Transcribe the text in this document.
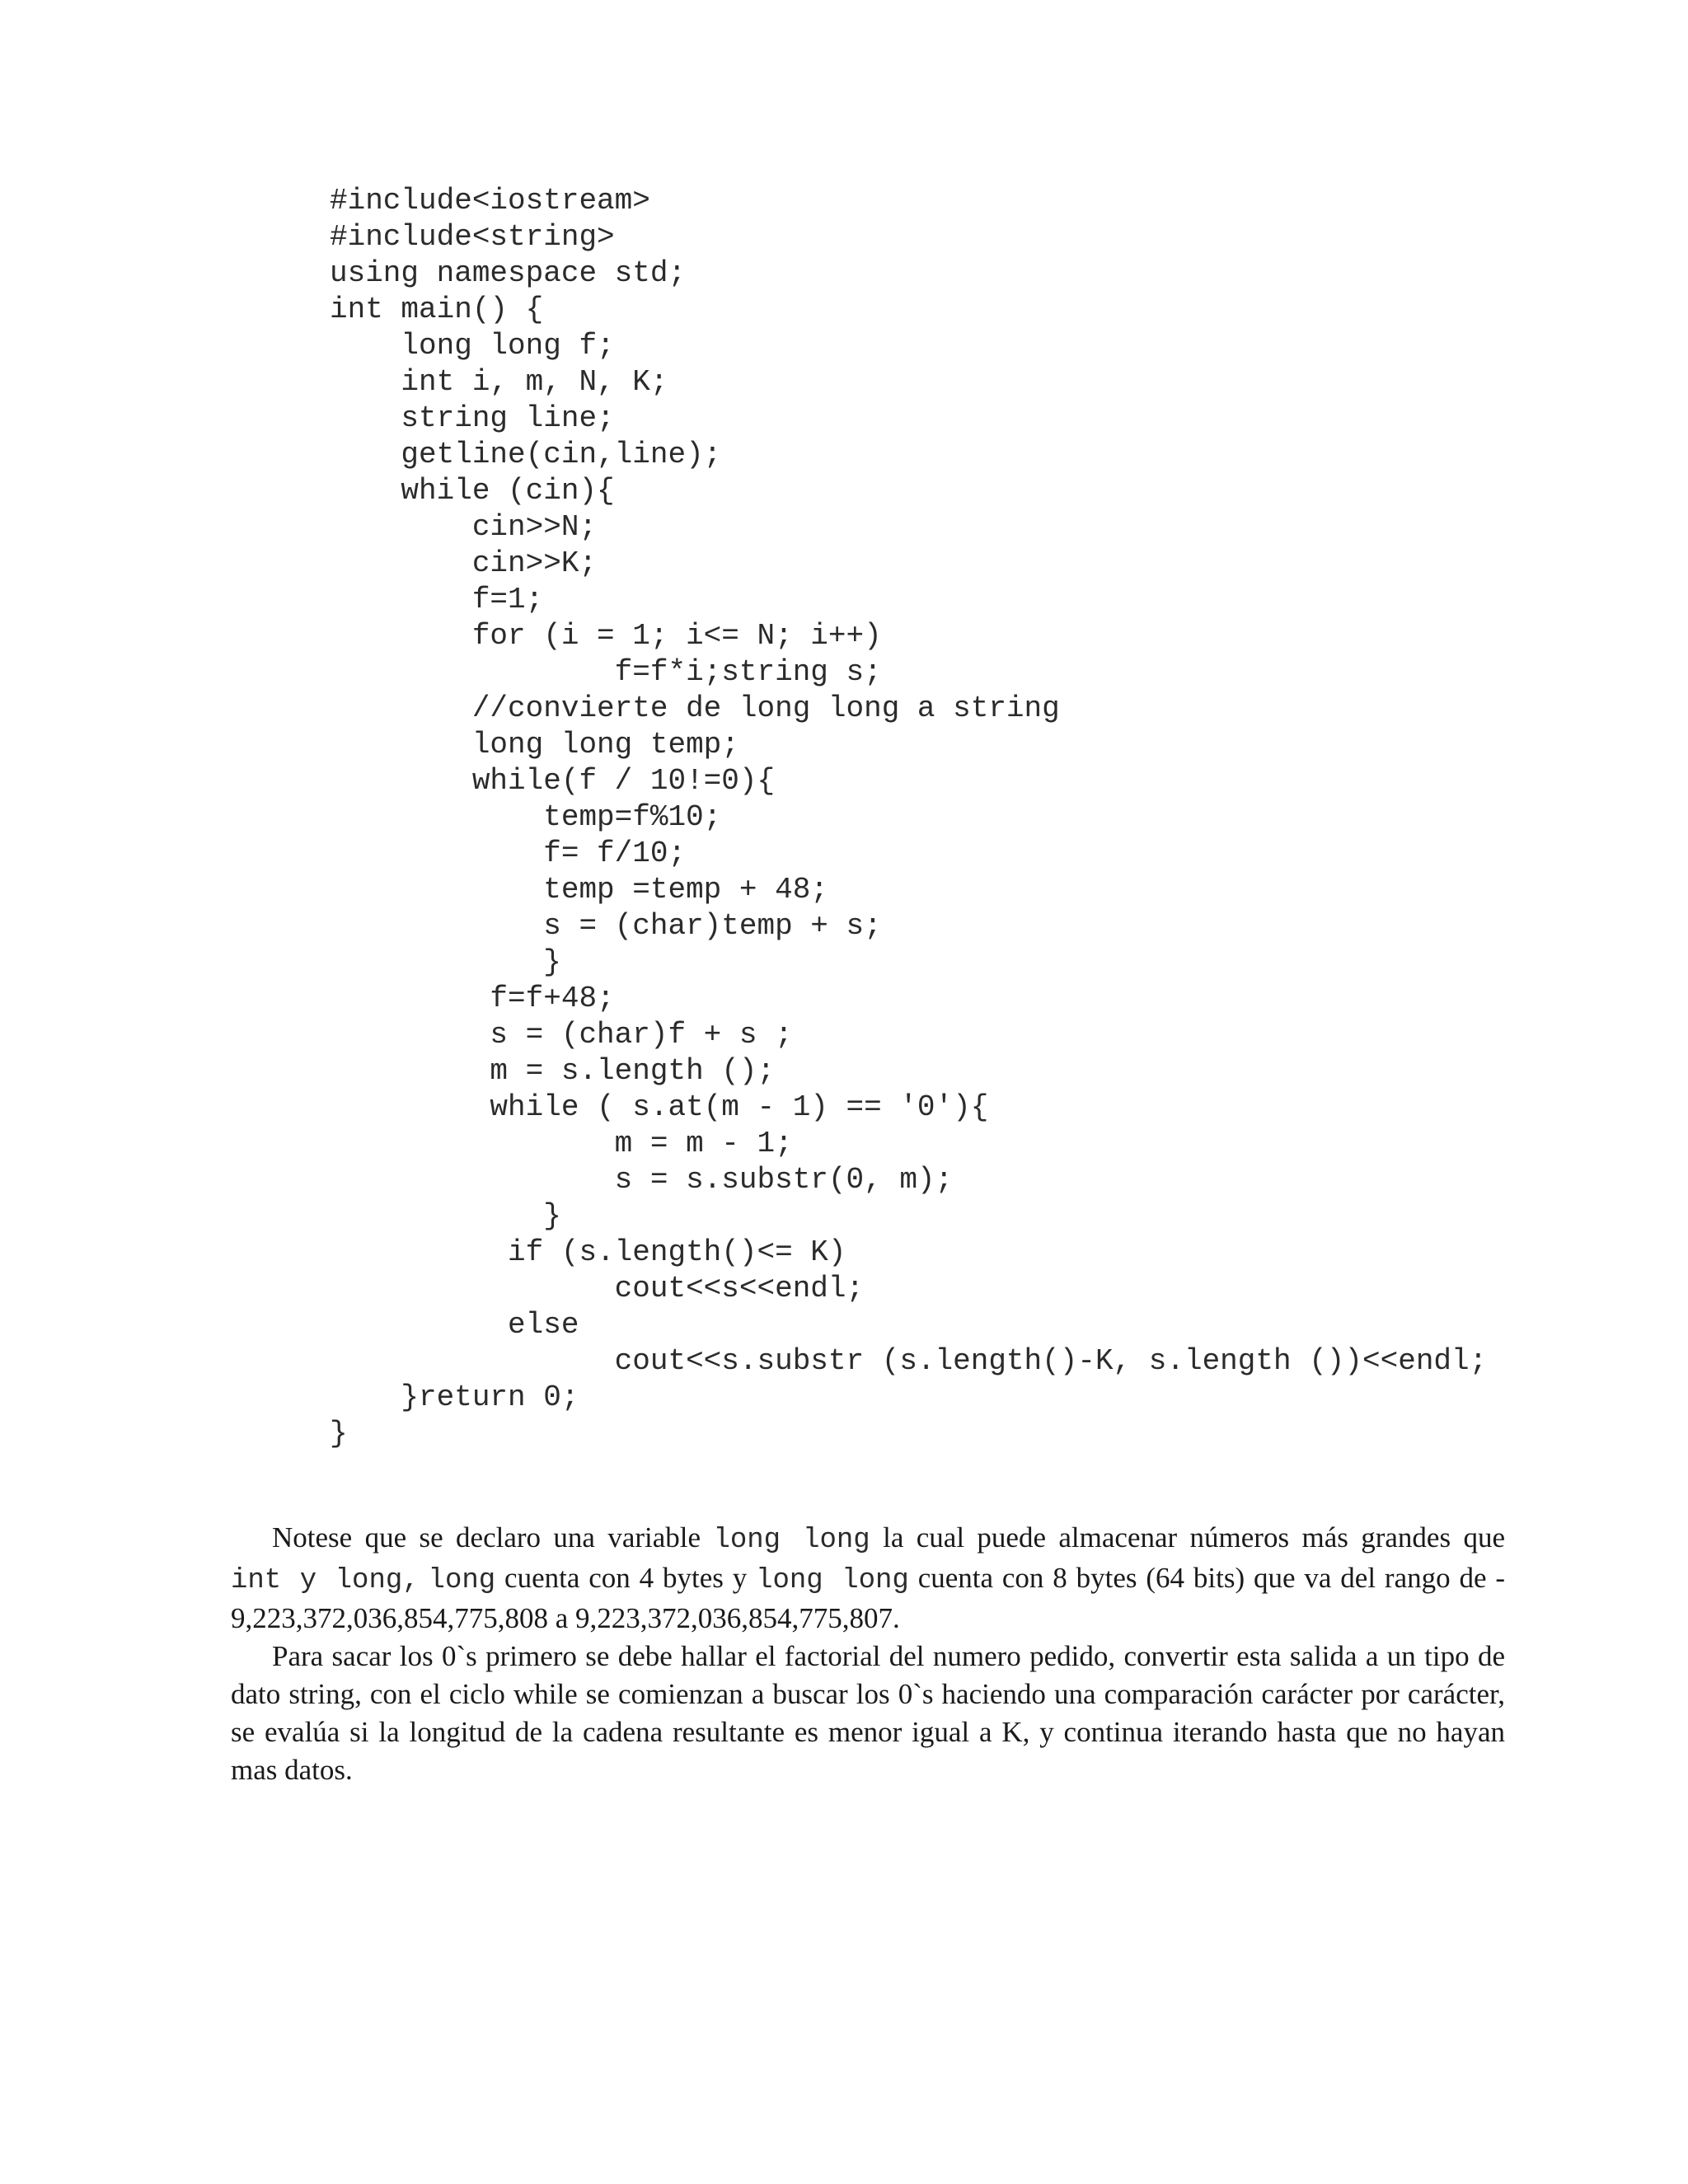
#include<iostream>
#include<string>
using namespace std;
int main() {
long long f;
int i, m, N, K;
string line;
getline(cin,line);
while (cin){
cin>>N;
cin>>K;
f=1;
for (i = 1; i<= N; i++)
f=f*i;string s;
//convierte de long long a string
long long temp;
while(f / 10!=0){
temp=f%10;
f= f/10;
temp =temp + 48;
s = (char)temp + s;
}
f=f+48;
s = (char)f + s ;
m = s.length ();
while ( s.at(m - 1) == '0'){
m = m - 1;
s = s.substr(0, m);
}
if (s.length()<= K)
cout<<s<<endl;
else
cout<<s.substr (s.length()-K, s.length ())<<endl;
}return 0;
}

Notese que se declaro una variable long long la cual puede almacenar números más grandes que int y long, long cuenta con 4 bytes y long long cuenta con 8 bytes (64 bits) que va del rango de - 9,223,372,036,854,775,808 a 9,223,372,036,854,775,807.

Para sacar los 0`s primero se debe hallar el factorial del numero pedido, convertir esta salida a un tipo de dato string, con el ciclo while se comienzan a buscar los 0`s haciendo una comparación carácter por carácter, se evalúa si la longitud de la cadena resultante es menor igual a K, y continua iterando hasta que no hayan mas datos.
